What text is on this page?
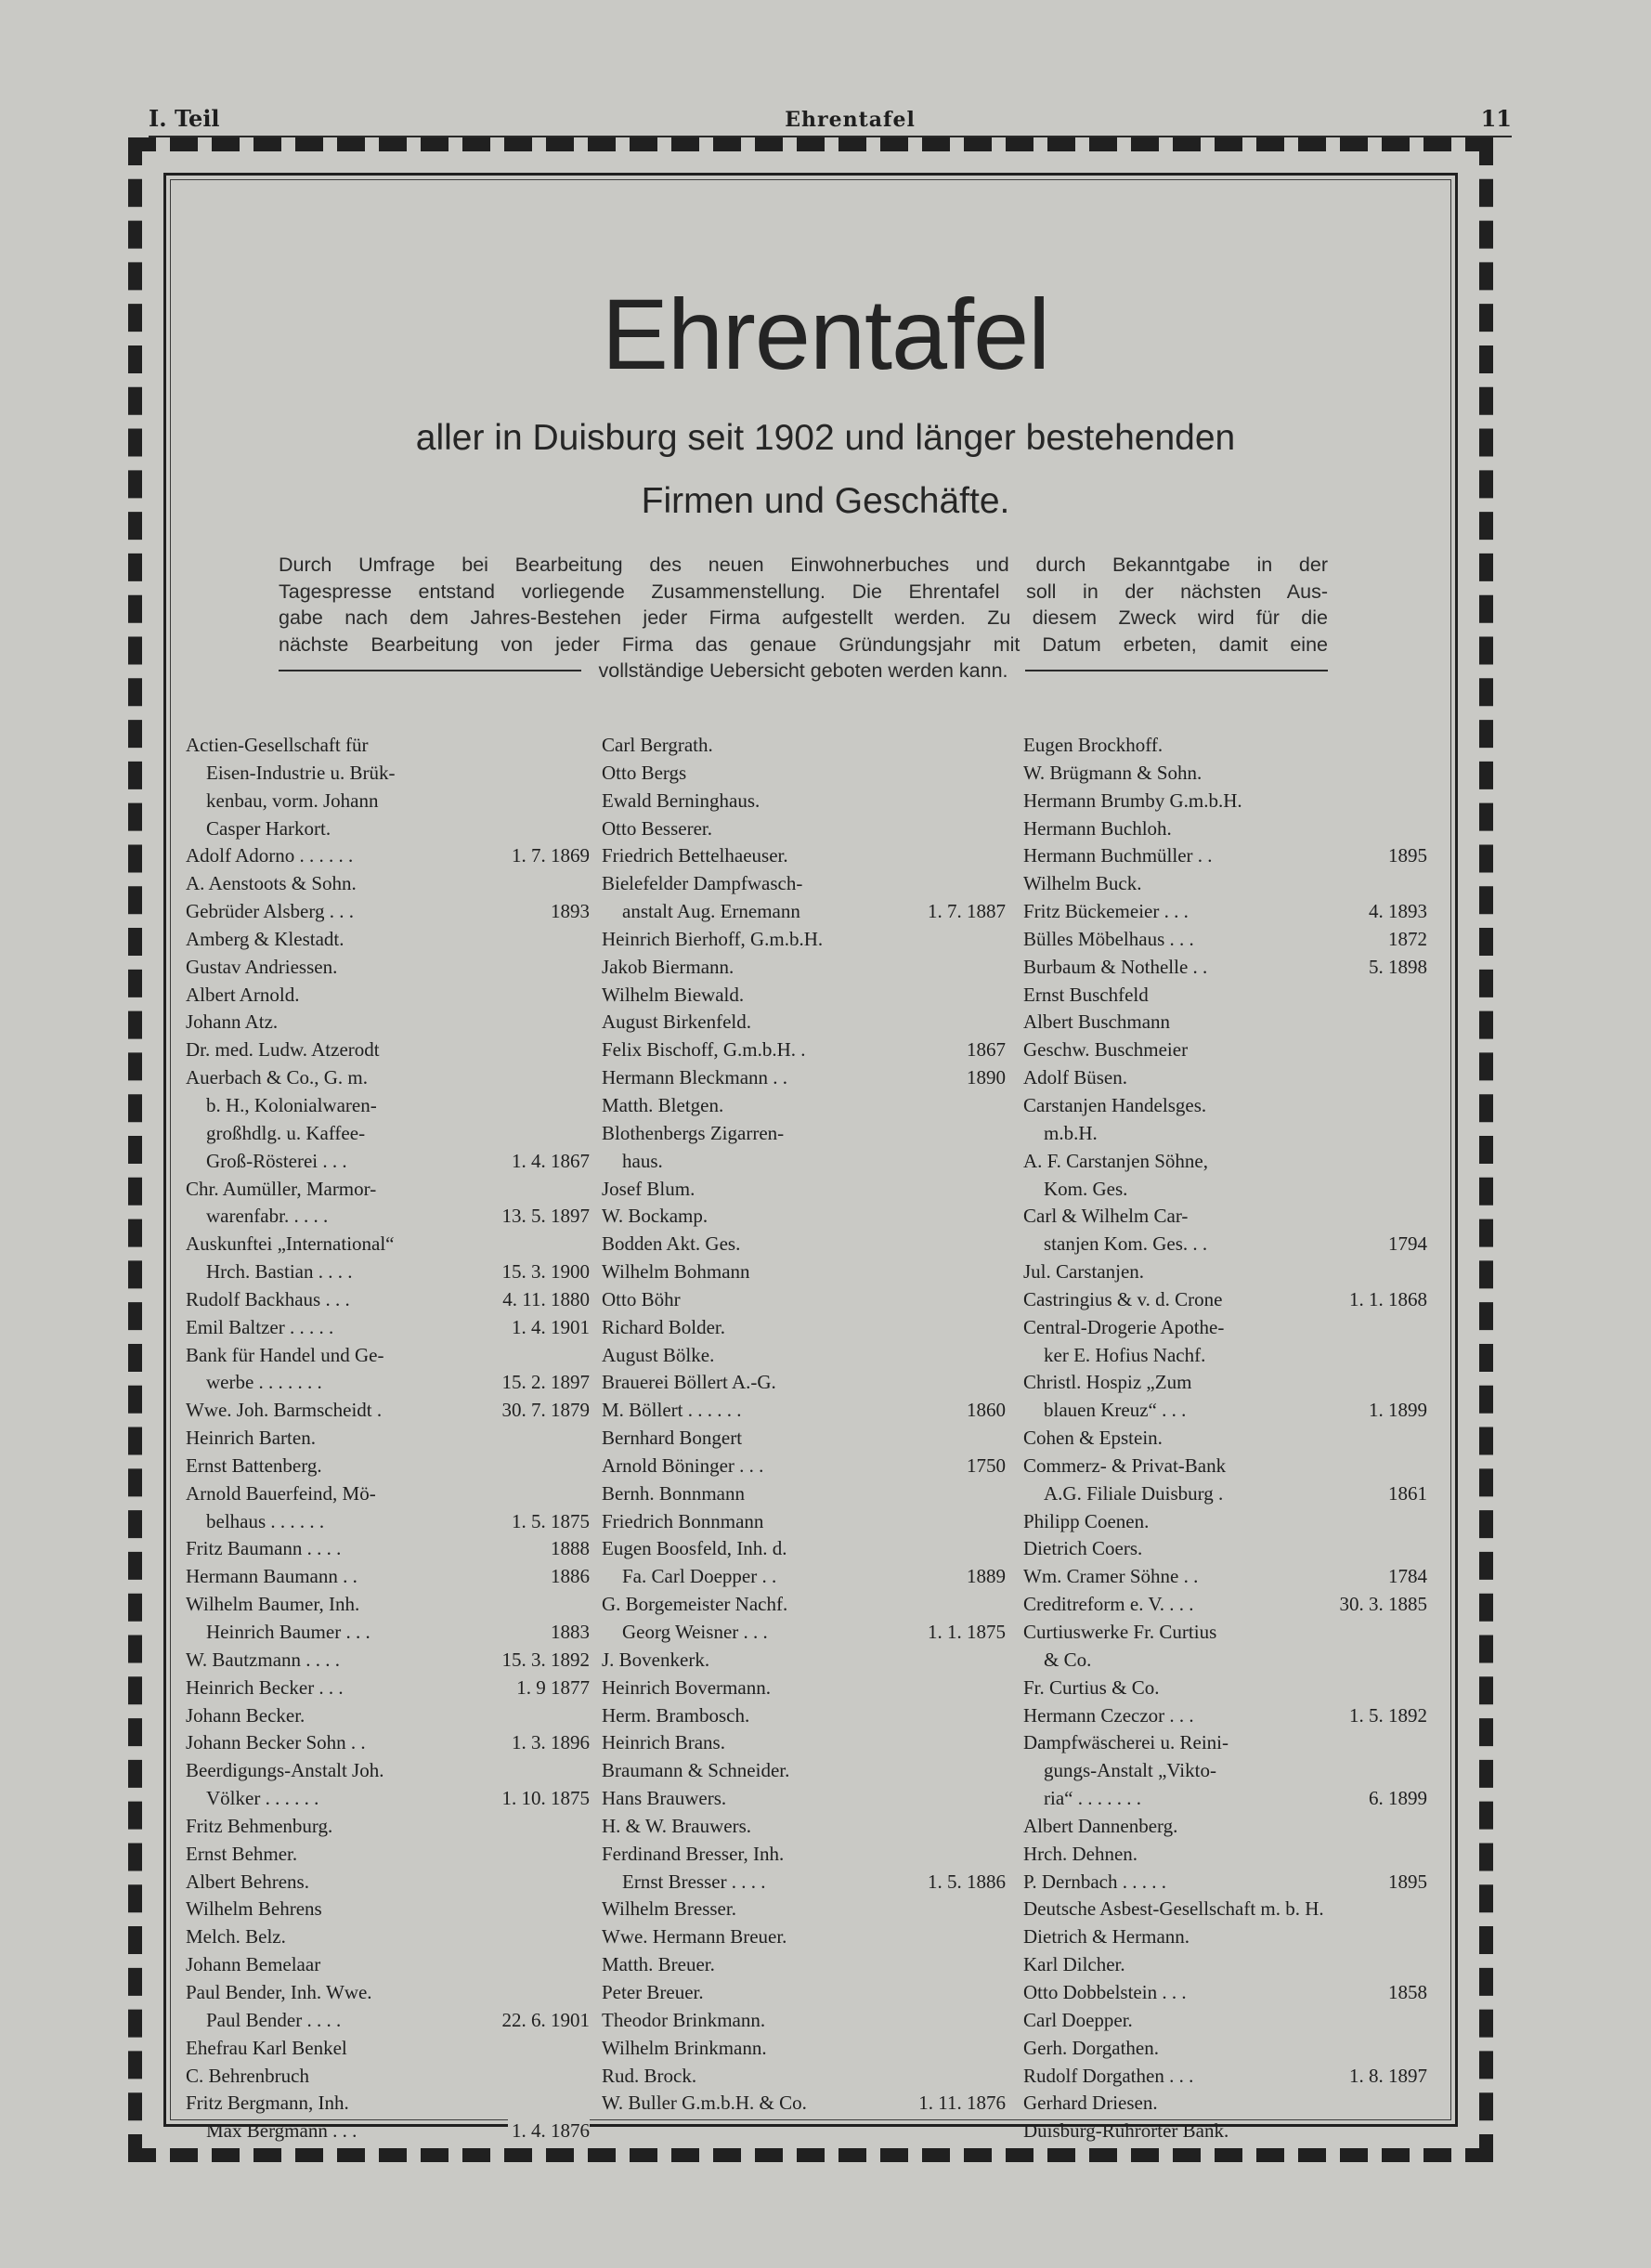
I. Teil	Ehrentafel	11
Ehrentafel
aller in Duisburg seit 1902 und länger bestehenden
Firmen und Geschäfte.
Durch Umfrage bei Bearbeitung des neuen Einwohnerbuches und durch Bekanntgabe in der
Tagespresse entstand vorliegende Zusammenstellung. Die Ehrentafel soll in der nächsten Aus-
gabe nach dem Jahres-Bestehen jeder Firma aufgestellt werden. Zu diesem Zweck wird für die
nächste Bearbeitung von jeder Firma das genaue Gründungsjahr mit Datum erbeten, damit eine
vollständige Uebersicht geboten werden kann.
Actien-Gesellschaft für
Eisen-Industrie u. Brük-
kenbau, vorm. Johann
Casper Harkort.
Adolf Adorno . . . . . .	1. 7. 1869
A. Aenstoots & Sohn.
Gebrüder Alsberg . . .	1893
Amberg & Klestadt.
Gustav Andriessen.
Albert Arnold.
Johann Atz.
Dr. med. Ludw. Atzerodt
Auerbach & Co., G. m.
b. H., Kolonialwaren-
großhdlg. u. Kaffee-
Groß-Rösterei . . .	1. 4. 1867
Chr. Aumüller, Marmor-
warenfabr. . . . .	13. 5. 1897
Auskunftei „International“
Hrch. Bastian . . . .	15. 3. 1900
Rudolf Backhaus . . .	4. 11. 1880
Emil Baltzer . . . . .	1. 4. 1901
Bank für Handel und Ge-
werbe . . . . . . .	15. 2. 1897
Wwe. Joh. Barmscheidt .	30. 7. 1879
Heinrich Barten.
Ernst Battenberg.
Arnold Bauerfeind, Mö-
belhaus . . . . . .	1. 5. 1875
Fritz Baumann . . . .	1888
Hermann Baumann . .	1886
Wilhelm Baumer, Inh.
Heinrich Baumer . . .	1883
W. Bautzmann . . . .	15. 3. 1892
Heinrich Becker . . .	1. 9 1877
Johann Becker.
Johann Becker Sohn . .	1. 3. 1896
Beerdigungs-Anstalt Joh.
Völker . . . . . .	1. 10. 1875
Fritz Behmenburg.
Ernst Behmer.
Albert Behrens.
Wilhelm Behrens
Melch. Belz.
Johann Bemelaar
Paul Bender, Inh. Wwe.
Paul Bender . . . .	22. 6. 1901
Ehefrau Karl Benkel
C. Behrenbruch
Fritz Bergmann, Inh.
Max Bergmann . . .	1. 4. 1876
Carl Bergrath.
Otto Bergs
Ewald Berninghaus.
Otto Besserer.
Friedrich Bettelhaeuser.
Bielefelder Dampfwasch-
anstalt Aug. Ernemann	1. 7. 1887
Heinrich Bierhoff, G.m.b.H.
Jakob Biermann.
Wilhelm Biewald.
August Birkenfeld.
Felix Bischoff, G.m.b.H. .	1867
Hermann Bleckmann . .	1890
Matth. Bletgen.
Blothenbergs Zigarren-
haus.
Josef Blum.
W. Bockamp.
Bodden Akt. Ges.
Wilhelm Bohmann
Otto Böhr
Richard Bolder.
August Bölke.
Brauerei Böllert A.-G.
M. Böllert . . . . . .	1860
Bernhard Bongert
Arnold Böninger . . .	1750
Bernh. Bonnmann
Friedrich Bonnmann
Eugen Boosfeld, Inh. d.
Fa. Carl Doepper . .	1889
G. Borgemeister Nachf.
Georg Weisner . . .	1. 1. 1875
J. Bovenkerk.
Heinrich Bovermann.
Herm. Brambosch.
Heinrich Brans.
Braumann & Schneider.
Hans Brauwers.
H. & W. Brauwers.
Ferdinand Bresser, Inh.
Ernst Bresser . . . .	1. 5. 1886
Wilhelm Bresser.
Wwe. Hermann Breuer.
Matth. Breuer.
Peter Breuer.
Theodor Brinkmann.
Wilhelm Brinkmann.
Rud. Brock.
W. Buller G.m.b.H. & Co.	1. 11. 1876
Eugen Brockhoff.
W. Brügmann & Sohn.
Hermann Brumby G.m.b.H.
Hermann Buchloh.
Hermann Buchmüller . .	1895
Wilhelm Buck.
Fritz Bückemeier . . .	4. 1893
Bülles Möbelhaus . . .	1872
Burbaum & Nothelle . .	5. 1898
Ernst Buschfeld
Albert Buschmann
Geschw. Buschmeier
Adolf Büsen.
Carstanjen Handelsges.
m.b.H.
A. F. Carstanjen Söhne,
Kom. Ges.
Carl & Wilhelm Car-
stanjen Kom. Ges. . .	1794
Jul. Carstanjen.
Castringius & v. d. Crone	1. 1. 1868
Central-Drogerie Apothe-
ker E. Hofius Nachf.
Christl. Hospiz „Zum
blauen Kreuz“ . . .	1. 1899
Cohen & Epstein.
Commerz- & Privat-Bank
A.G. Filiale Duisburg .	1861
Philipp Coenen.
Dietrich Coers.
Wm. Cramer Söhne . .	1784
Creditreform e. V. . . .	30. 3. 1885
Curtiuswerke Fr. Curtius
& Co.
Fr. Curtius & Co.
Hermann Czeczor . . .	1. 5. 1892
Dampfwäscherei u. Reini-
gungs-Anstalt „Vikto-
ria“ . . . . . . .	6. 1899
Albert Dannenberg.
Hrch. Dehnen.
P. Dernbach . . . . .	1895
Deutsche Asbest-Gesellschaft m. b. H.
Dietrich & Hermann.
Karl Dilcher.
Otto Dobbelstein . . .	1858
Carl Doepper.
Gerh. Dorgathen.
Rudolf Dorgathen . . .	1. 8. 1897
Gerhard Driesen.
Duisburg-Ruhrorter Bank.
